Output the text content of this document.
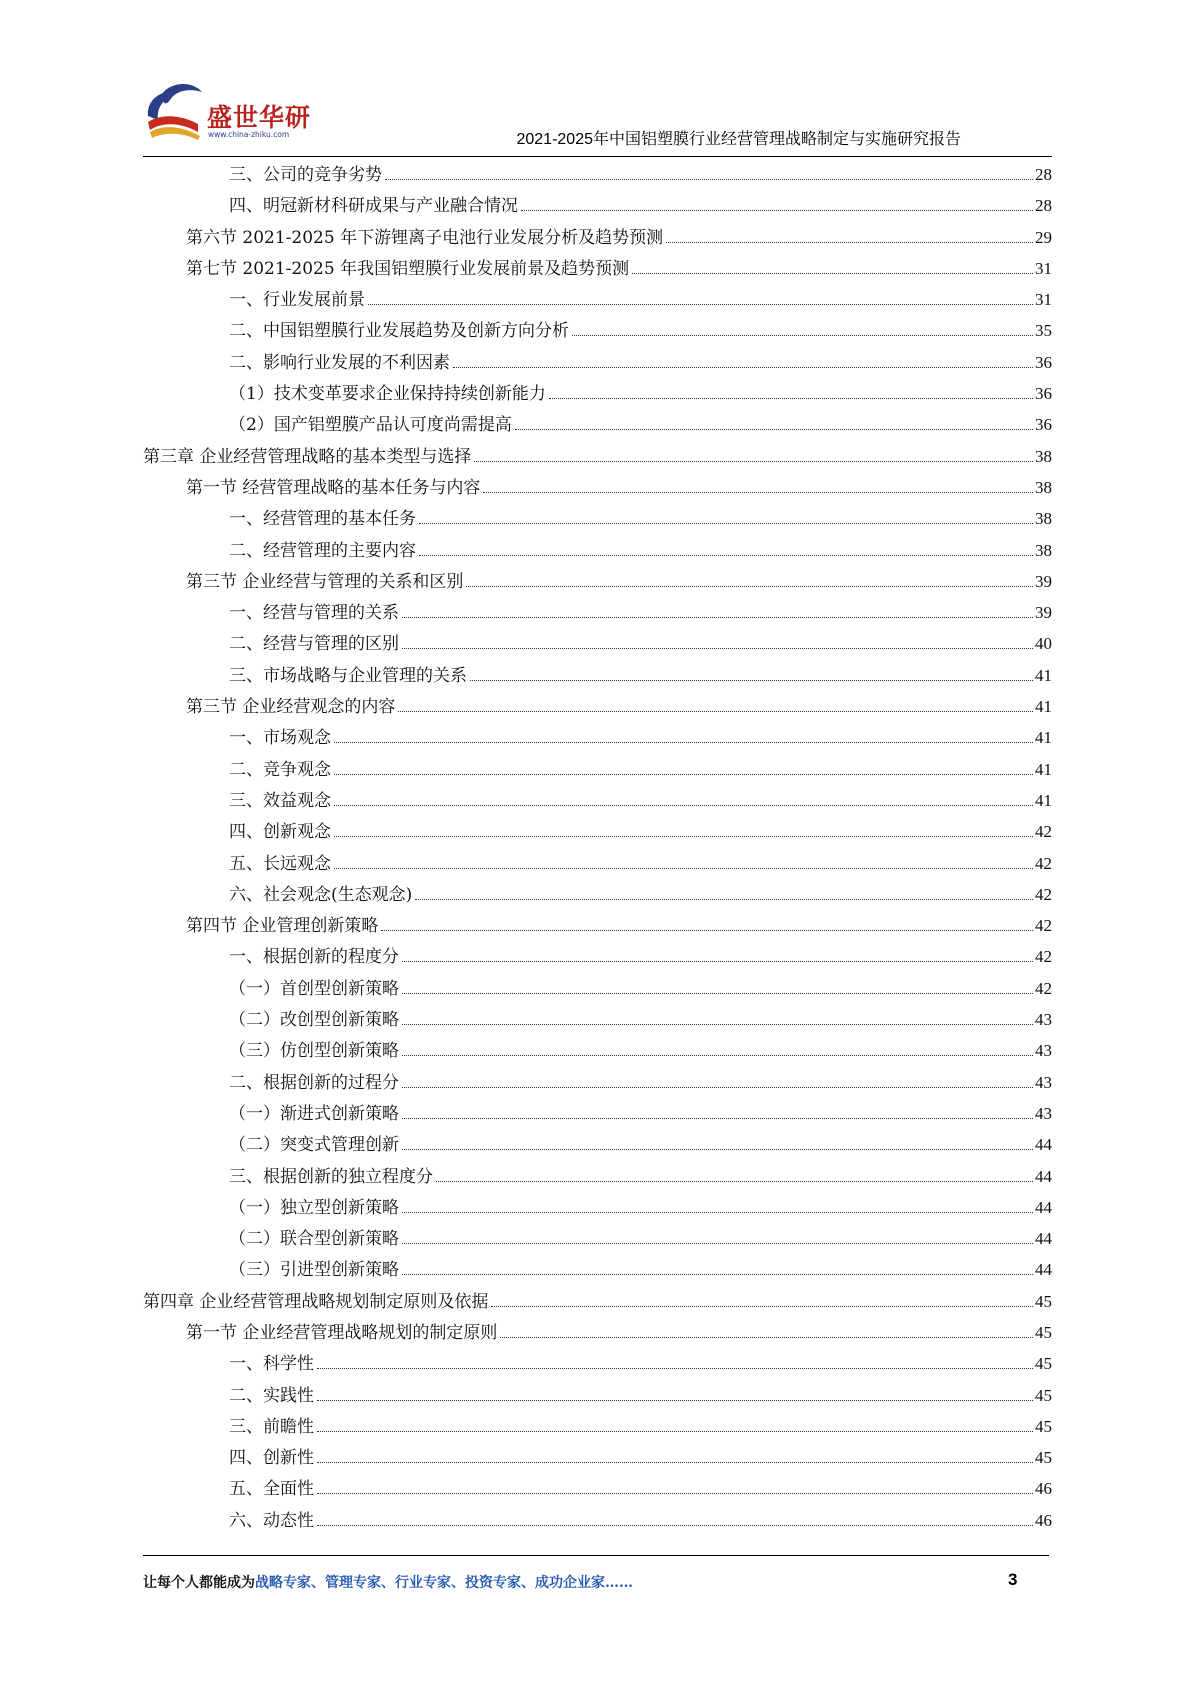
盛世华研
www.china-zhiku.com	2021-2025年中国铝塑膜行业经营管理战略制定与实施研究报告
三、公司的竞争劣势	28
四、明冠新材科研成果与产业融合情况	28
第六节 2021-2025 年下游锂离子电池行业发展分析及趋势预测	29
第七节 2021-2025 年我国铝塑膜行业发展前景及趋势预测	31
一、行业发展前景	31
二、中国铝塑膜行业发展趋势及创新方向分析	35
二、影响行业发展的不利因素	36
（1）技术变革要求企业保持持续创新能力	36
（2）国产铝塑膜产品认可度尚需提高	36
第三章 企业经营管理战略的基本类型与选择	38
第一节 经营管理战略的基本任务与内容	38
一、经营管理的基本任务	38
二、经营管理的主要内容	38
第三节 企业经营与管理的关系和区别	39
一、经营与管理的关系	39
二、经营与管理的区别	40
三、市场战略与企业管理的关系	41
第三节 企业经营观念的内容	41
一、市场观念	41
二、竞争观念	41
三、效益观念	41
四、创新观念	42
五、长远观念	42
六、社会观念(生态观念)	42
第四节 企业管理创新策略	42
一、根据创新的程度分	42
（一）首创型创新策略	42
（二）改创型创新策略	43
（三）仿创型创新策略	43
二、根据创新的过程分	43
（一）渐进式创新策略	43
（二）突变式管理创新	44
三、根据创新的独立程度分	44
（一）独立型创新策略	44
（二）联合型创新策略	44
（三）引进型创新策略	44
第四章 企业经营管理战略规划制定原则及依据	45
第一节 企业经营管理战略规划的制定原则	45
一、科学性	45
二、实践性	45
三、前瞻性	45
四、创新性	45
五、全面性	46
六、动态性	46
让每个人都能成为战略专家、管理专家、行业专家、投资专家、成功企业家……	3
